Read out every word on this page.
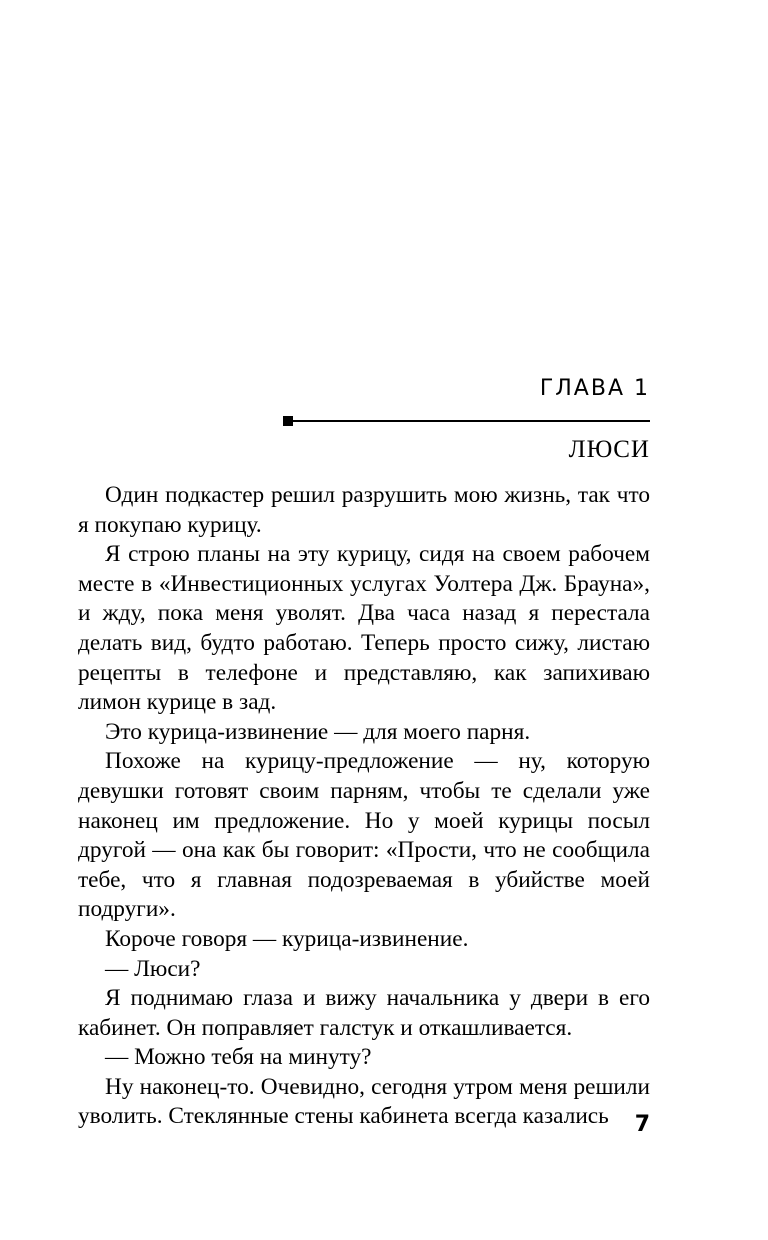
ГЛАВА 1
ЛЮСИ

Один подкастер решил разрушить мою жизнь, так что я покупаю курицу.

Я строю планы на эту курицу, сидя на своем рабочем месте в «Инвестиционных услугах Уолтера Дж. Брауна», и жду, пока меня уволят. Два часа назад я перестала делать вид, будто работаю. Теперь просто сижу, листаю рецепты в телефоне и представляю, как запихиваю лимон курице в зад.

Это курица-извинение — для моего парня.

Похоже на курицу-предложение — ну, которую девушки готовят своим парням, чтобы те сделали уже наконец им предложение. Но у моей курицы посыл другой — она как бы говорит: «Прости, что не сообщила тебе, что я главная подозреваемая в убийстве моей подруги».

Короче говоря — курица-извинение.

— Люси?

Я поднимаю глаза и вижу начальника у двери в его кабинет. Он поправляет галстук и откашливается.

— Можно тебя на минуту?

Ну наконец-то. Очевидно, сегодня утром меня решили уволить. Стеклянные стены кабинета всегда казались	7
